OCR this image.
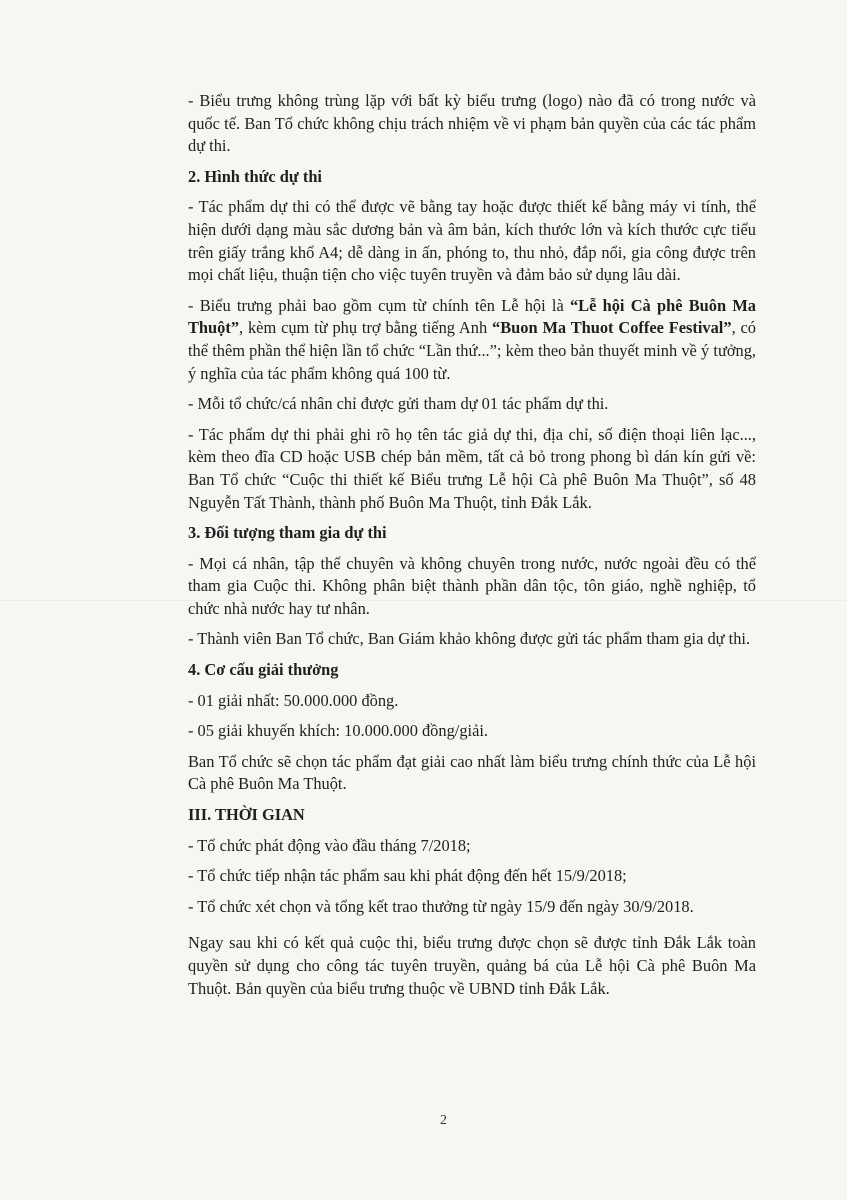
- Biểu trưng không trùng lặp với bất kỳ biểu trưng (logo) nào đã có trong nước và quốc tế. Ban Tổ chức không chịu trách nhiệm về vi phạm bản quyền của các tác phẩm dự thi.

2. Hình thức dự thi

- Tác phẩm dự thi có thể được vẽ bằng tay hoặc được thiết kế bằng máy vi tính, thể hiện dưới dạng màu sắc dương bản và âm bản, kích thước lớn và kích thước cực tiểu trên giấy trắng khổ A4; dễ dàng in ấn, phóng to, thu nhỏ, đắp nổi, gia công được trên mọi chất liệu, thuận tiện cho việc tuyên truyền và đảm bảo sử dụng lâu dài.

- Biểu trưng phải bao gồm cụm từ chính tên Lễ hội là “Lễ hội Cà phê Buôn Ma Thuột”, kèm cụm từ phụ trợ bằng tiếng Anh “Buon Ma Thuot Coffee Festival”, có thể thêm phần thể hiện lần tổ chức “Lần thứ...”; kèm theo bản thuyết minh về ý tưởng, ý nghĩa của tác phẩm không quá 100 từ.

- Mỗi tổ chức/cá nhân chỉ được gửi tham dự 01 tác phẩm dự thi.

- Tác phẩm dự thi phải ghi rõ họ tên tác giả dự thi, địa chỉ, số điện thoại liên lạc..., kèm theo đĩa CD hoặc USB chép bản mềm, tất cả bỏ trong phong bì dán kín gửi về: Ban Tổ chức “Cuộc thi thiết kế Biểu trưng Lễ hội Cà phê Buôn Ma Thuột”, số 48 Nguyễn Tất Thành, thành phố Buôn Ma Thuột, tỉnh Đắk Lắk.

3. Đối tượng tham gia dự thi

- Mọi cá nhân, tập thể chuyên và không chuyên trong nước, nước ngoài đều có thể tham gia Cuộc thi. Không phân biệt thành phần dân tộc, tôn giáo, nghề nghiệp, tổ chức nhà nước hay tư nhân.

- Thành viên Ban Tổ chức, Ban Giám khảo không được gửi tác phẩm tham gia dự thi.

4. Cơ cấu giải thưởng

- 01 giải nhất: 50.000.000 đồng.

- 05 giải khuyến khích: 10.000.000 đồng/giải.

Ban Tổ chức sẽ chọn tác phẩm đạt giải cao nhất làm biểu trưng chính thức của Lễ hội Cà phê Buôn Ma Thuột.

III. THỜI GIAN

- Tổ chức phát động vào đầu tháng 7/2018;

- Tổ chức tiếp nhận tác phẩm sau khi phát động đến hết 15/9/2018;

- Tổ chức xét chọn và tổng kết trao thưởng từ ngày 15/9 đến ngày 30/9/2018.

Ngay sau khi có kết quả cuộc thi, biểu trưng được chọn sẽ được tỉnh Đắk Lắk toàn quyền sử dụng cho công tác tuyên truyền, quảng bá của Lễ hội Cà phê Buôn Ma Thuột. Bản quyền của biểu trưng thuộc về UBND tỉnh Đắk Lắk.

2
